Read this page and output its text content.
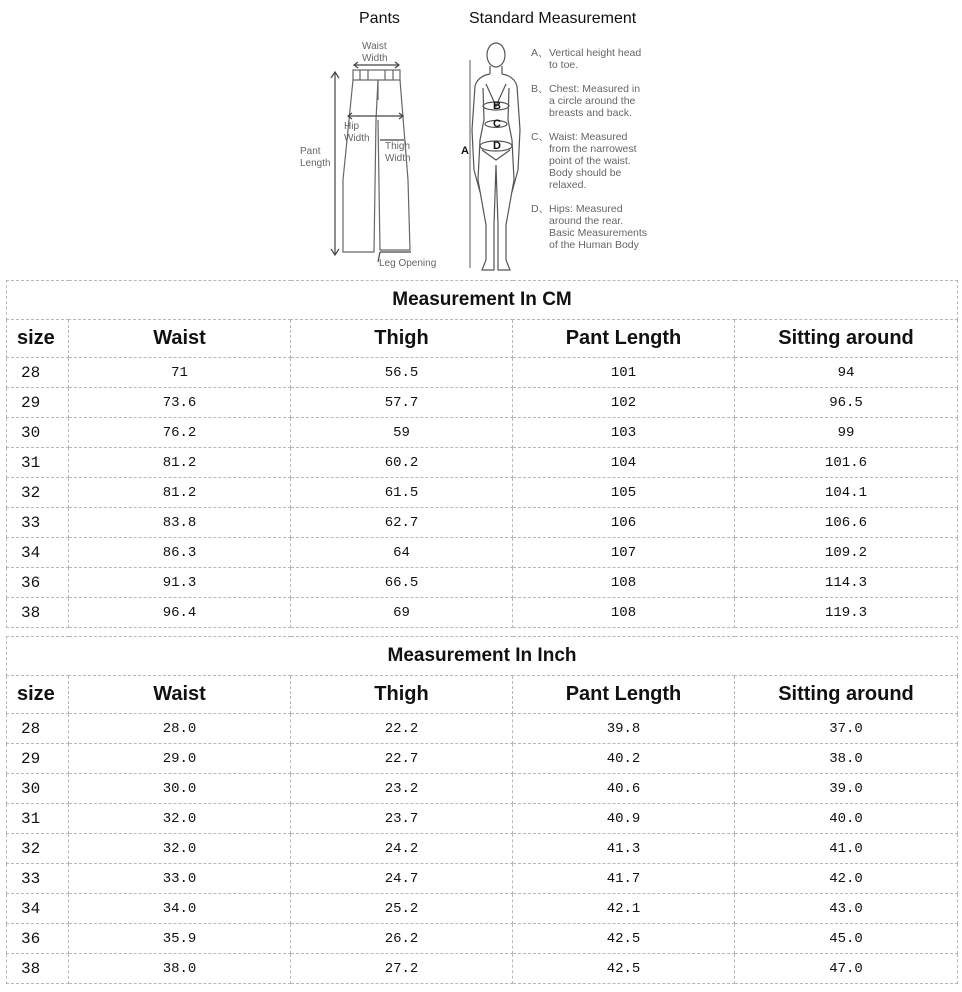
Pants	Standard Measurement
Waist
Width
Hip
Width
Thigh
Width
Pant
Length
Leg Opening
A
B
C
D
A、 Vertical height head
to toe.
B、 Chest: Measured in
a circle around the
breasts and back.
C、 Waist: Measured
from the narrowest
point of the waist.
Body should be
relaxed.
D、 Hips: Measured
around the rear.
Basic Measurements
of the Human Body
Measurement In CM				
size	Waist	Thigh	Pant Length	Sitting around
28	71	56.5	101	94
29	73.6	57.7	102	96.5
30	76.2	59	103	99
31	81.2	60.2	104	101.6
32	81.2	61.5	105	104.1
33	83.8	62.7	106	106.6
34	86.3	64	107	109.2
36	91.3	66.5	108	114.3
38	96.4	69	108	119.3
Measurement In Inch				
size	Waist	Thigh	Pant Length	Sitting around
28	28.0	22.2	39.8	37.0
29	29.0	22.7	40.2	38.0
30	30.0	23.2	40.6	39.0
31	32.0	23.7	40.9	40.0
32	32.0	24.2	41.3	41.0
33	33.0	24.7	41.7	42.0
34	34.0	25.2	42.1	43.0
36	35.9	26.2	42.5	45.0
38	38.0	27.2	42.5	47.0
